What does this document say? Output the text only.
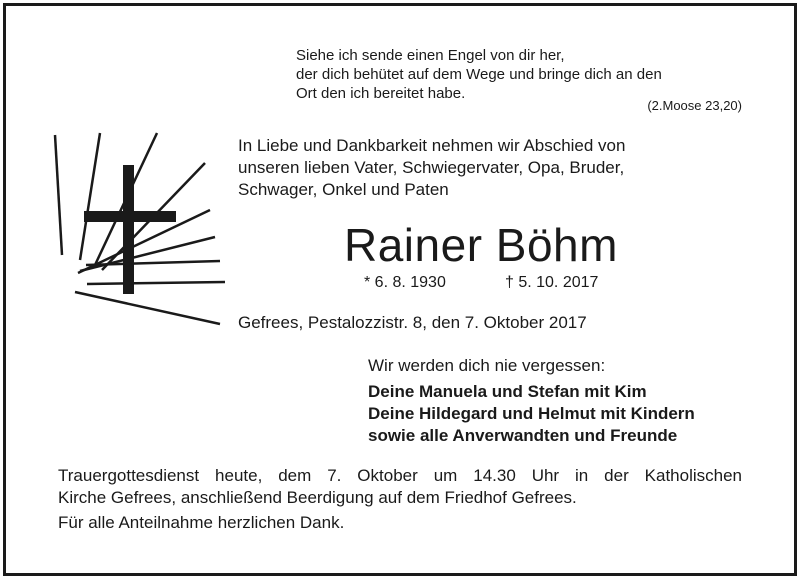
Siehe ich sende einen Engel von dir her,
der dich behütet auf dem Wege und bringe dich an den
Ort den ich bereitet habe.
(2.Moose 23,20)
In Liebe und Dankbarkeit nehmen wir Abschied von
unseren lieben Vater, Schwiegervater, Opa, Bruder,
Schwager, Onkel und Paten
Rainer Böhm
* 6. 8. 1930	† 5. 10. 2017
Gefrees, Pestalozzistr. 8, den 7. Oktober 2017
Wir werden dich nie vergessen:
Deine Manuela und Stefan mit Kim
Deine Hildegard und Helmut mit Kindern
sowie alle Anverwandten und Freunde
Trauergottesdienst heute, dem 7. Oktober um 14.30 Uhr in der Katholischen
Kirche Gefrees, anschließend Beerdigung auf dem Friedhof Gefrees.
Für alle Anteilnahme herzlichen Dank.
